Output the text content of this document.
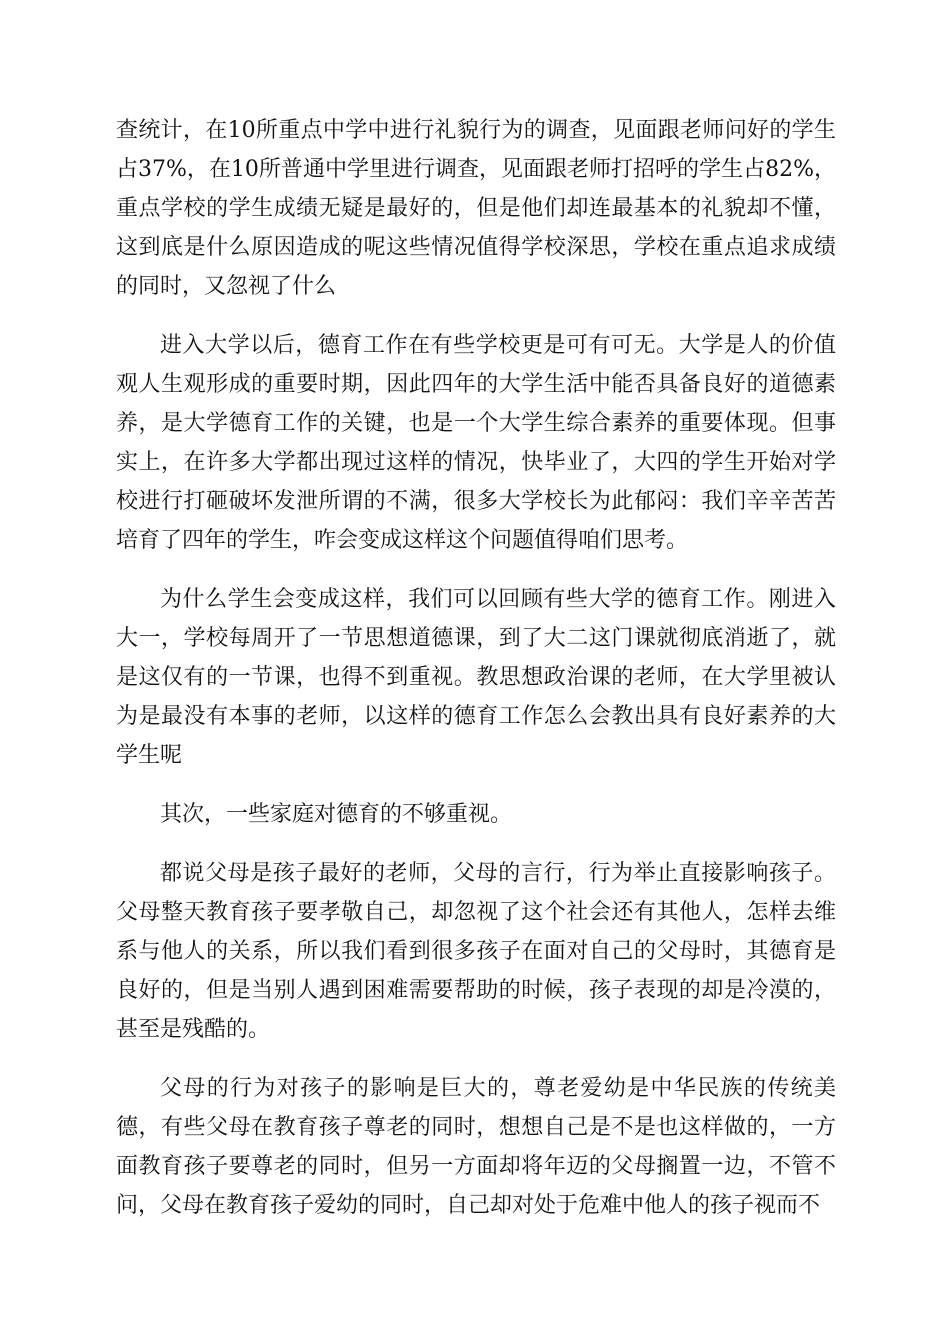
查统计，在10所重点中学中进行礼貌行为的调查，见面跟老师问好的学生占37%，在10所普通中学里进行调查，见面跟老师打招呼的学生占82%，重点学校的学生成绩无疑是最好的，但是他们却连最基本的礼貌却不懂，这到底是什么原因造成的呢这些情况值得学校深思，学校在重点追求成绩的同时，又忽视了什么

进入大学以后，德育工作在有些学校更是可有可无。大学是人的价值观人生观形成的重要时期，因此四年的大学生活中能否具备良好的道德素养，是大学德育工作的关键，也是一个大学生综合素养的重要体现。但事实上，在许多大学都出现过这样的情况，快毕业了，大四的学生开始对学校进行打砸破坏发泄所谓的不满，很多大学校长为此郁闷：我们辛辛苦苦培育了四年的学生，咋会变成这样这个问题值得咱们思考。

为什么学生会变成这样，我们可以回顾有些大学的德育工作。刚进入大一，学校每周开了一节思想道德课，到了大二这门课就彻底消逝了，就是这仅有的一节课，也得不到重视。教思想政治课的老师，在大学里被认为是最没有本事的老师，以这样的德育工作怎么会教出具有良好素养的大学生呢

其次，一些家庭对德育的不够重视。

都说父母是孩子最好的老师，父母的言行，行为举止直接影响孩子。父母整天教育孩子要孝敬自己，却忽视了这个社会还有其他人，怎样去维系与他人的关系，所以我们看到很多孩子在面对自己的父母时，其德育是良好的，但是当别人遇到困难需要帮助的时候，孩子表现的却是冷漠的，甚至是残酷的。

父母的行为对孩子的影响是巨大的，尊老爱幼是中华民族的传统美德，有些父母在教育孩子尊老的同时，想想自己是不是也这样做的，一方面教育孩子要尊老的同时，但另一方面却将年迈的父母搁置一边，不管不问，父母在教育孩子爱幼的同时，自己却对处于危难中他人的孩子视而不
